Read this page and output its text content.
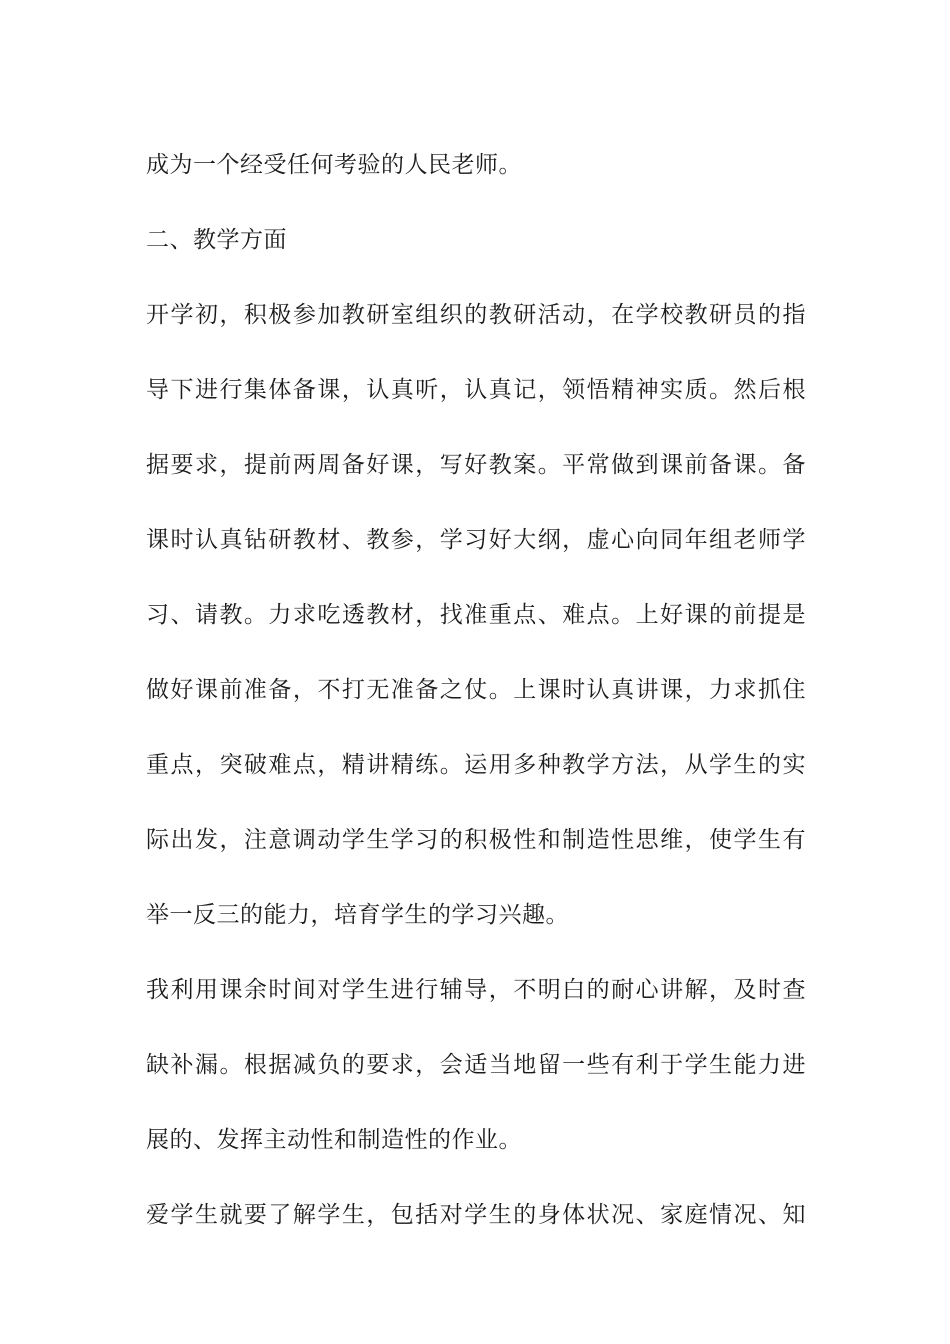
成为一个经受任何考验的人民老师。
二、教学方面
开学初，积极参加教研室组织的教研活动，在学校教研员的指
导下进行集体备课，认真听，认真记，领悟精神实质。然后根
据要求，提前两周备好课，写好教案。平常做到课前备课。备
课时认真钻研教材、教参，学习好大纲，虚心向同年组老师学
习、请教。力求吃透教材，找准重点、难点。上好课的前提是
做好课前准备，不打无准备之仗。上课时认真讲课，力求抓住
重点，突破难点，精讲精练。运用多种教学方法，从学生的实
际出发，注意调动学生学习的积极性和制造性思维，使学生有
举一反三的能力，培育学生的学习兴趣。
我利用课余时间对学生进行辅导，不明白的耐心讲解，及时查
缺补漏。根据减负的要求，会适当地留一些有利于学生能力进
展的、发挥主动性和制造性的作业。
爱学生就要了解学生，包括对学生的身体状况、家庭情况、知
